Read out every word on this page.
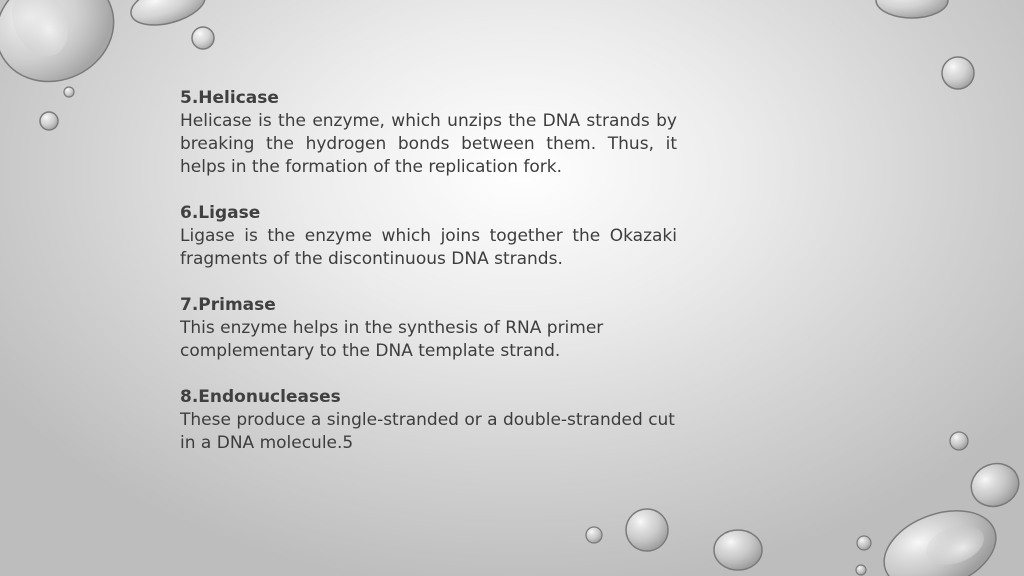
5.Helicase

Helicase is the enzyme, which unzips the DNA strands by breaking the hydrogen bonds between them. Thus, it helps in the formation of the replication fork.

6.Ligase

Ligase is the enzyme which joins together the Okazaki fragments of the discontinuous DNA strands.

7.Primase

This enzyme helps in the synthesis of RNA primer complementary to the DNA template strand.

8.Endonucleases

These produce a single-stranded or a double-stranded cut in a DNA molecule.5
